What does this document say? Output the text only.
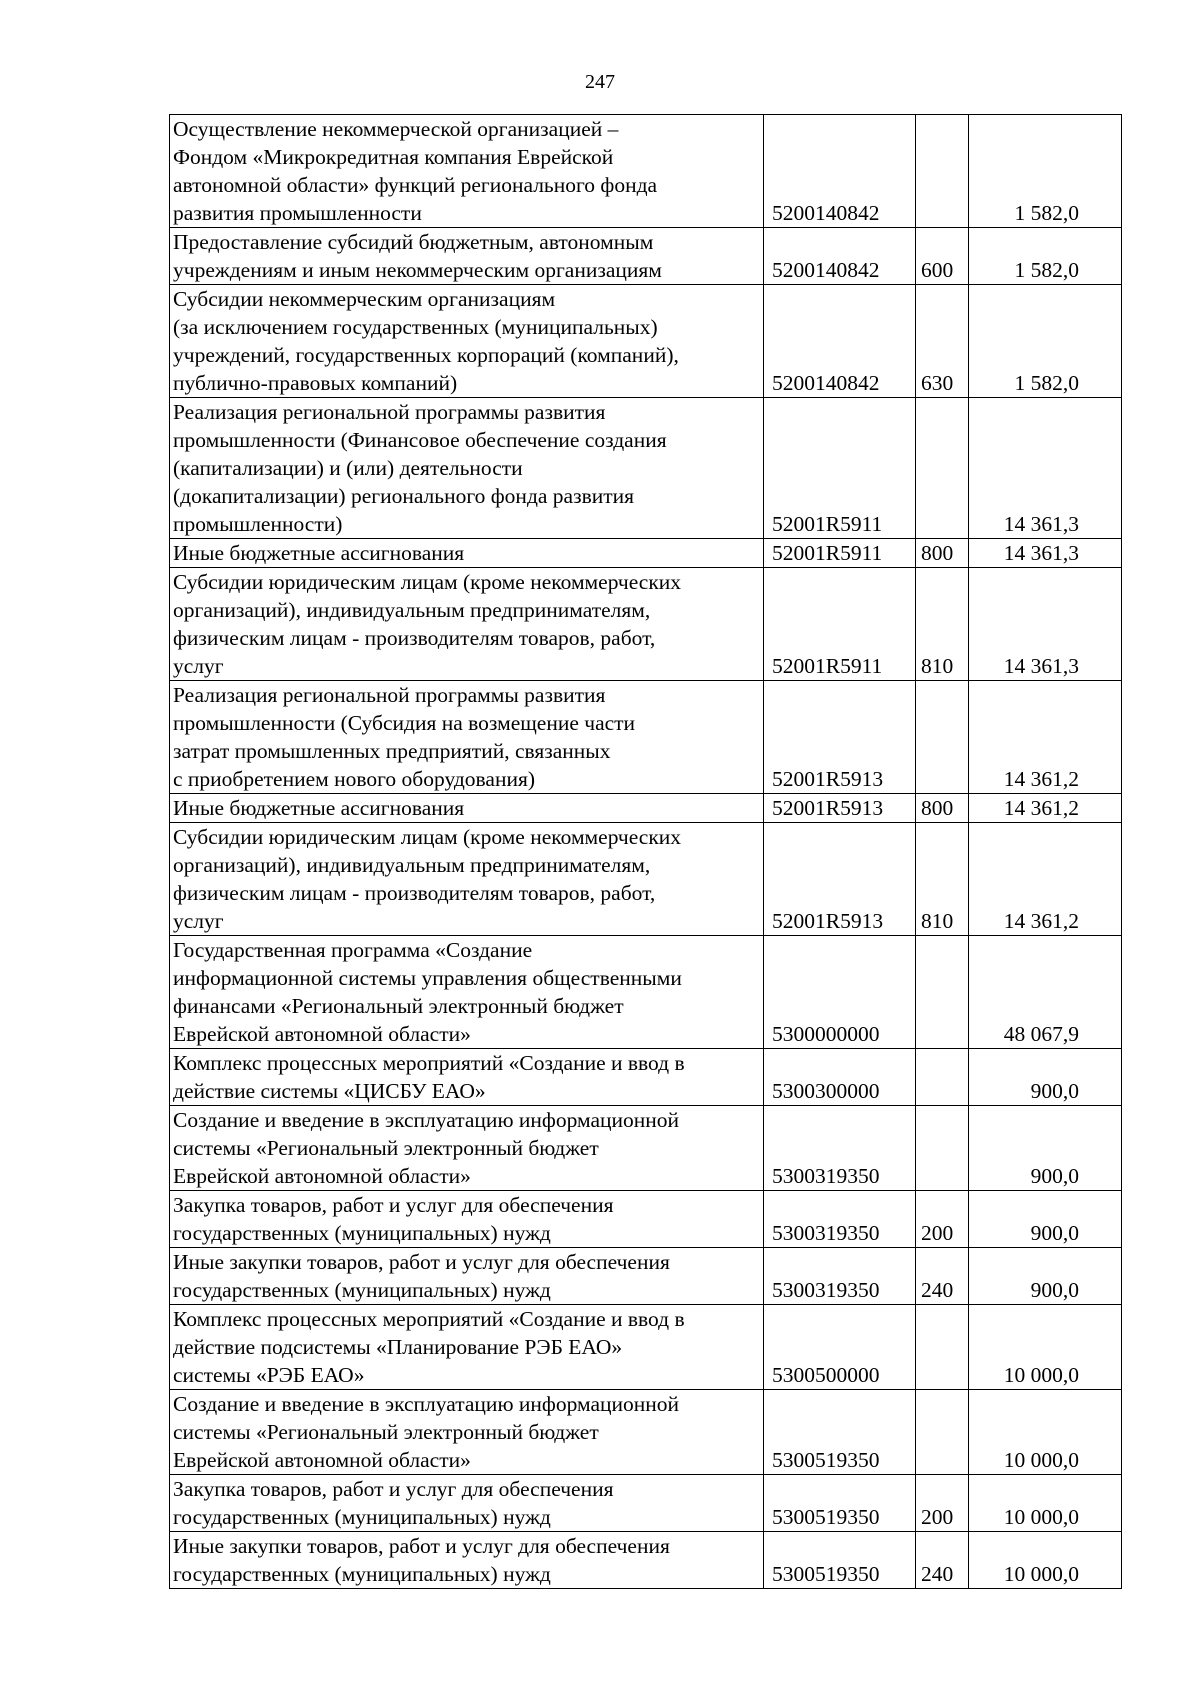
247
Осуществление некоммерческой организацией –
Фондом «Микрокредитная компания Еврейской
автономной области» функций регионального фонда
развития промышленности	5200140842		1 582,0
Предоставление субсидий бюджетным, автономным
учреждениям и иным некоммерческим организациям	5200140842	600	1 582,0
Субсидии некоммерческим организациям
(за исключением государственных (муниципальных)
учреждений, государственных корпораций (компаний),
публично-правовых компаний)	5200140842	630	1 582,0
Реализация региональной программы развития
промышленности (Финансовое обеспечение создания
(капитализации) и (или) деятельности
(докапитализации) регионального фонда развития
промышленности)	52001R5911		14 361,3
Иные бюджетные ассигнования	52001R5911	800	14 361,3
Субсидии юридическим лицам (кроме некоммерческих
организаций), индивидуальным предпринимателям,
физическим лицам - производителям товаров, работ,
услуг	52001R5911	810	14 361,3
Реализация региональной программы развития
промышленности (Субсидия на возмещение части
затрат промышленных предприятий, связанных
с приобретением нового оборудования)	52001R5913		14 361,2
Иные бюджетные ассигнования	52001R5913	800	14 361,2
Субсидии юридическим лицам (кроме некоммерческих
организаций), индивидуальным предпринимателям,
физическим лицам - производителям товаров, работ,
услуг	52001R5913	810	14 361,2
Государственная программа «Создание
информационной системы управления общественными
финансами «Региональный электронный бюджет
Еврейской автономной области»	5300000000		48 067,9
Комплекс процессных мероприятий «Создание и ввод в
действие системы «ЦИСБУ ЕАО»	5300300000		900,0
Создание и введение в эксплуатацию информационной
системы «Региональный электронный бюджет
Еврейской автономной области»	5300319350		900,0
Закупка товаров, работ и услуг для обеспечения
государственных (муниципальных) нужд	5300319350	200	900,0
Иные закупки товаров, работ и услуг для обеспечения
государственных (муниципальных) нужд	5300319350	240	900,0
Комплекс процессных мероприятий «Создание и ввод в
действие подсистемы «Планирование РЭБ ЕАО»
системы «РЭБ ЕАО»	5300500000		10 000,0
Создание и введение в эксплуатацию информационной
системы «Региональный электронный бюджет
Еврейской автономной области»	5300519350		10 000,0
Закупка товаров, работ и услуг для обеспечения
государственных (муниципальных) нужд	5300519350	200	10 000,0
Иные закупки товаров, работ и услуг для обеспечения
государственных (муниципальных) нужд	5300519350	240	10 000,0
